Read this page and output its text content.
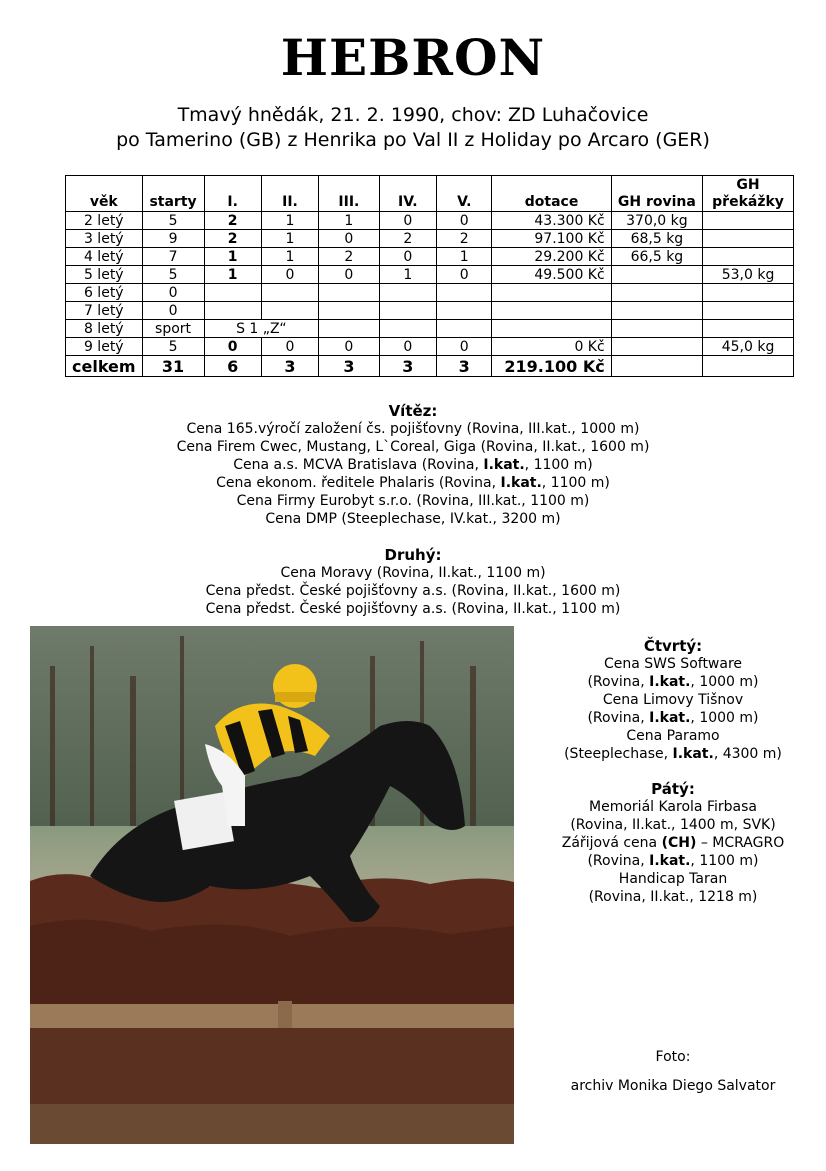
HEBRON
Tmavý hnědák, 21. 2. 1990, chov: ZD Luhačovice
po Tamerino (GB) z Henrika po Val II z Holiday po Arcaro (GER)
věk	starty	I.	II.	III.	IV.	V.	dotace	GH rovina	GH překážky
2 letý	5	2	1	1	0	0	43.300 Kč	370,0 kg	
3 letý	9	2	1	0	2	2	97.100 Kč	68,5 kg	
4 letý	7	1	1	2	0	1	29.200 Kč	66,5 kg	
5 letý	5	1	0	0	1	0	49.500 Kč		53,0 kg
6 letý	0								
7 letý	0								
8 letý	sport	S 1 „Z“							
9 letý	5	0	0	0	0	0	0 Kč		45,0 kg
celkem	31	6	3	3	3	3	219.100 Kč		
Vítěz:

Cena 165.výročí založení čs. pojišťovny (Rovina, III.kat., 1000 m)

Cena Firem Cwec, Mustang, L`Coreal, Giga (Rovina, II.kat., 1600 m)

Cena a.s. MCVA Bratislava (Rovina, I.kat., 1100 m)

Cena ekonom. ředitele Phalaris (Rovina, I.kat., 1100 m)

Cena Firmy Eurobyt s.r.o. (Rovina, III.kat., 1100 m)

Cena DMP (Steeplechase, IV.kat., 3200 m)

Druhý:

Cena Moravy (Rovina, II.kat., 1100 m)

Cena předst. České pojišťovny a.s. (Rovina, II.kat., 1600 m)

Cena předst. České pojišťovny a.s. (Rovina, II.kat., 1100 m)

Čtvrtý:

Cena SWS Software

(Rovina, I.kat., 1000 m)

Cena Limovy Tišnov

(Rovina, I.kat., 1000 m)

Cena Paramo

(Steeplechase, I.kat., 4300 m)

Pátý:

Memoriál Karola Firbasa

(Rovina, II.kat., 1400 m, SVK)

Zářijová cena (CH) – MCRAGRO

(Rovina, I.kat., 1100 m)

Handicap Taran

(Rovina, II.kat., 1218 m)

Foto:

archiv Monika Diego Salvator
